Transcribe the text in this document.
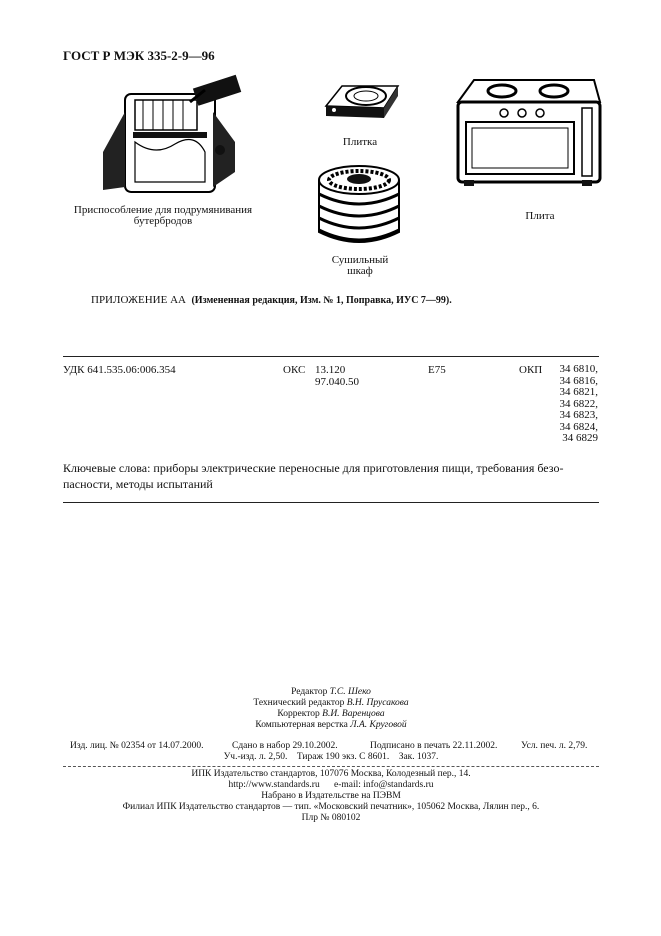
ГОСТ Р МЭК 335-2-9—96
Приспособление для подрумянивания
бутербродов
Плитка
Сушильный
шкаф
Плита
ПРИЛОЖЕНИЕ АА (Измененная редакция, Изм. № 1, Поправка, ИУС 7—99).
УДК 641.535.06:006.354	ОКС 13.120
97.040.50
Е75	ОКП	34 6810,
34 6816,
34 6821,
34 6822,
34 6823,
34 6824,
34 6829
Ключевые слова: приборы электрические переносные для приготовления пищи, требования безо-
пасности, методы испытаний
Редактор Т.С. Шеко
Технический редактор В.Н. Прусакова
Корректор В.И. Варенцова
Компьютерная верстка Л.А. Круговой
Изд. лиц. № 02354 от 14.07.2000.	Сдано в набор 29.10.2002.	Подписано в печать 22.11.2002. Усл. печ. л. 2,79.
Уч.-изд. л. 2,50.    Тираж 190 экз. С 8601.    Зак. 1037.
ИПК Издательство стандартов, 107076 Москва, Колодезный пер., 14.
http://www.standards.ru e-mail: info@standards.ru
Набрано в Издательстве на ПЭВМ
Филиал ИПК Издательство стандартов — тип. «Московский печатник», 105062 Москва, Лялин пер., 6.
Плр № 080102
